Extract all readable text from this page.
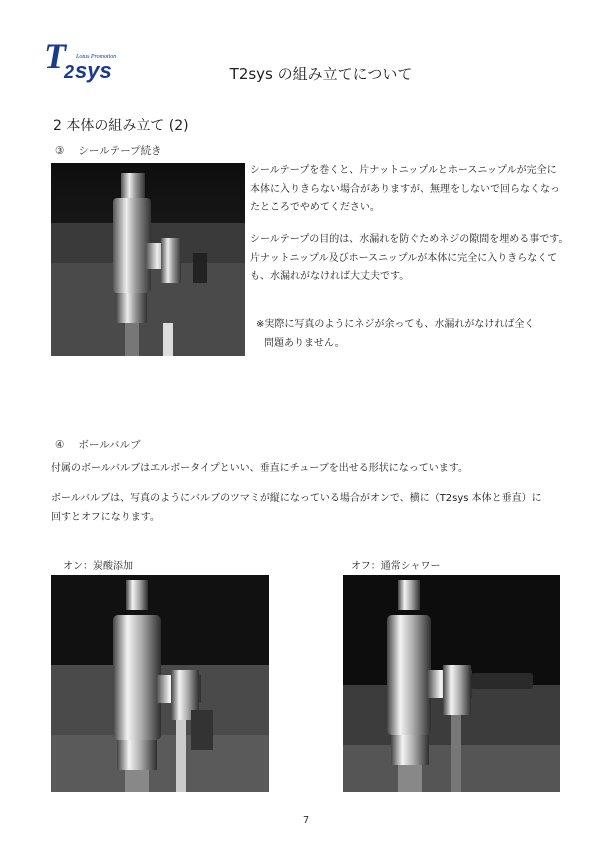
T
2 sys
Lotus Promotion
T2sys の組み立てについて
2 本体の組み立て (2)
③ シールテープ続き
シールテープを巻くと、片ナットニップルとホースニップルが完全に
本体に入りきらない場合がありますが、無理をしないで回らなくなっ
たところでやめてください。
シールテープの目的は、水漏れを防ぐためネジの隙間を埋める事です。
片ナットニップル及びホースニップルが本体に完全に入りきらなくて
も、水漏れがなければ大丈夫です。
※実際に写真のようにネジが余っても、水漏れがなければ全く
問題ありません。
④ ボールバルブ
付属のボールバルブはエルボータイプといい、垂直にチューブを出せる形状になっています。
ボールバルブは、写真のようにバルブのツマミが縦になっている場合がオンで、横に（T2sys 本体と垂直）に
回すとオフになります。
オン：炭酸添加	オフ：通常シャワー
7
